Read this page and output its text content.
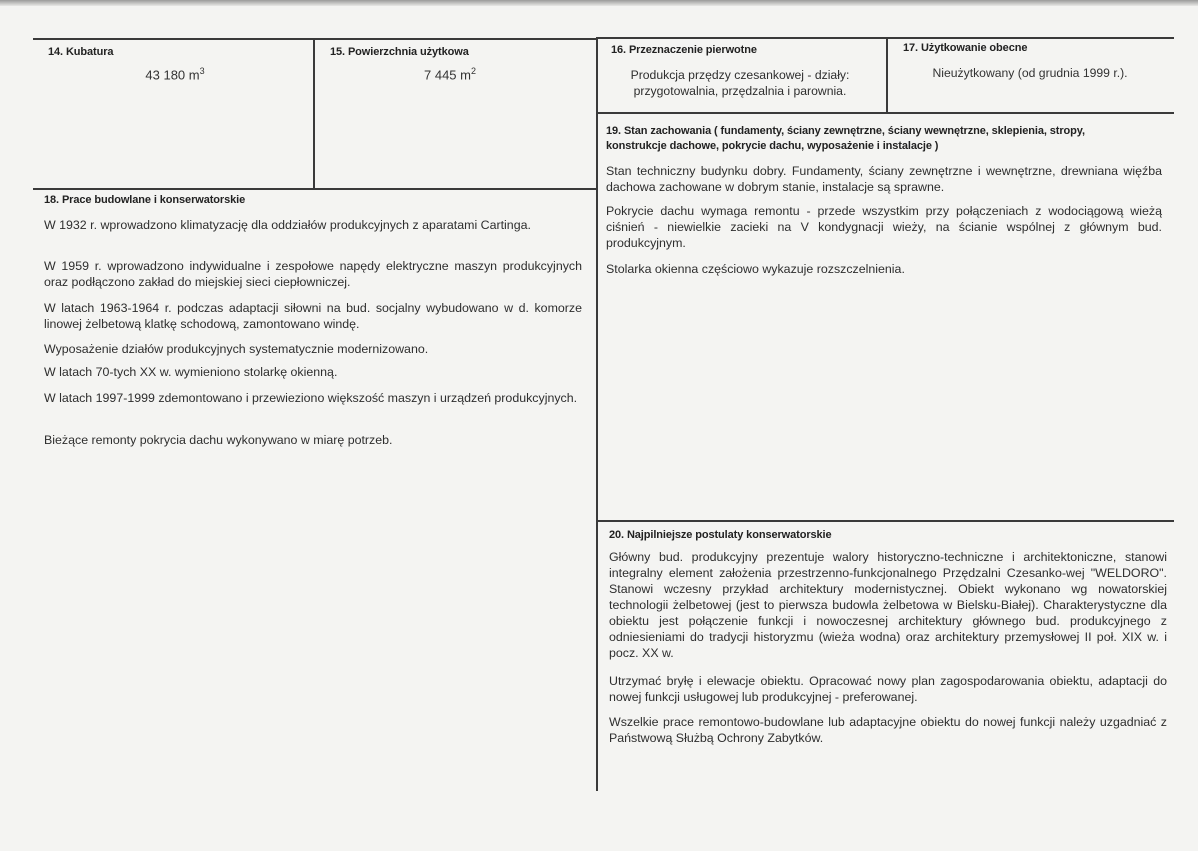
14. Kubatura
43 180 $m^3$
15. Powierzchnia użytkowa
7 445 $m^2$
16. Przeznaczenie pierwotne

Produkcja przędzy czesankowej - działy: przygotowalnia, przędzalnia i parownia.

17. Użytkowanie obecne
Nieużytkowany (od grudnia 1999 r.).
19. Stan zachowania ( fundamenty, ściany zewnętrzne, ściany wewnętrzne, sklepienia, stropy, konstrukcje dachowe, pokrycie dachu, wyposażenie i instalacje )

Stan techniczny budynku dobry. Fundamenty, ściany zewnętrzne i wewnętrzne, drewniana więźba dachowa zachowane w dobrym stanie, instalacje są sprawne.

Pokrycie dachu wymaga remontu - przede wszystkim przy połączeniach z wodociągową wieżą ciśnień - niewielkie zacieki na V kondygnacji wieży, na ścianie wspólnej z głównym bud. produkcyjnym.

Stolarka okienna częściowo wykazuje rozszczelnienia.

18. Prace budowlane i konserwatorskie

W 1932 r. wprowadzono klimatyzację dla oddziałów produkcyjnych z aparatami Cartinga.

W 1959 r. wprowadzono indywidualne i zespołowe napędy elektryczne maszyn produkcyjnych oraz podłączono zakład do miejskiej sieci ciepłowniczej.

W latach 1963-1964 r. podczas adaptacji siłowni na bud. socjalny wybudowano w d. komorze linowej żelbetową klatkę schodową, zamontowano windę.

Wyposażenie działów produkcyjnych systematycznie modernizowano.

W latach 70-tych XX w. wymieniono stolarkę okienną.

W latach 1997-1999 zdemontowano i przewieziono większość maszyn i urządzeń produkcyjnych.

Bieżące remonty pokrycia dachu wykonywano w miarę potrzeb.

20. Najpilniejsze postulaty konserwatorskie

Główny bud. produkcyjny prezentuje walory historyczno-techniczne i architektoniczne, stanowi integralny element założenia przestrzenno-funkcjonalnego Przędzalni Czesanko-wej "WELDORO". Stanowi wczesny przykład architektury modernistycznej. Obiekt wykonano wg nowatorskiej technologii żelbetowej (jest to pierwsza budowla żelbetowa w Bielsku-Białej). Charakterystyczne dla obiektu jest połączenie funkcji i nowoczesnej architektury głównego bud. produkcyjnego z odniesieniami do tradycji historyzmu (wieża wodna) oraz architektury przemysłowej II poł. XIX w. i pocz. XX w.

Utrzymać bryłę i elewacje obiektu. Opracować nowy plan zagospodarowania obiektu, adaptacji do nowej funkcji usługowej lub produkcyjnej - preferowanej.

Wszelkie prace remontowo-budowlane lub adaptacyjne obiektu do nowej funkcji należy uzgadniać z Państwową Służbą Ochrony Zabytków.
